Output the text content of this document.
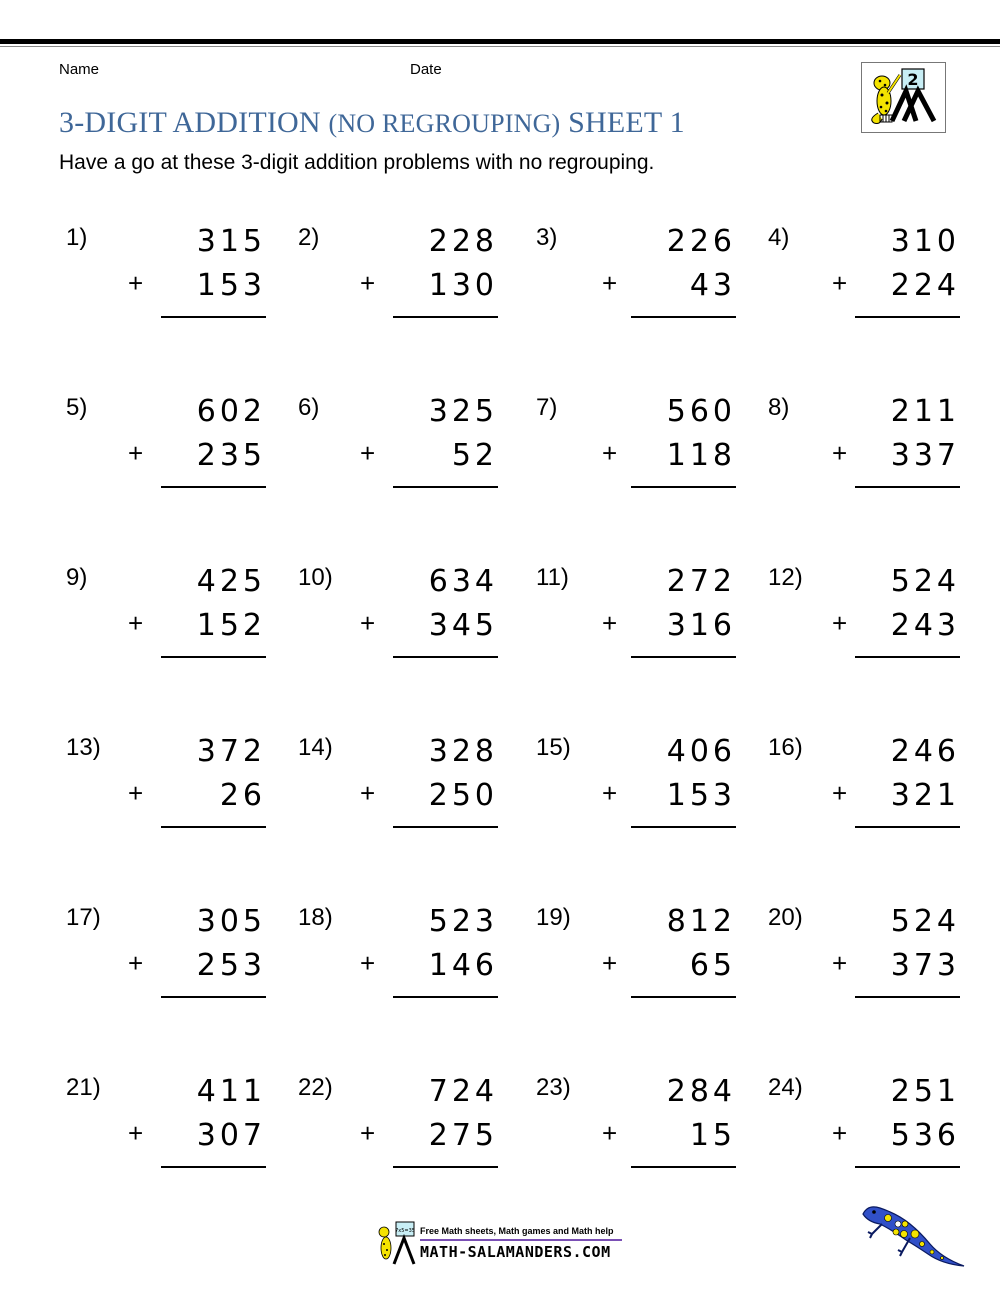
Name	Date
2
3-DIGIT ADDITION (NO REGROUPING) SHEET 1
Have a go at these 3-digit addition problems with no regrouping.
1)	315
+	153
2)	228
+	130
3)	226
+	43
4)	310
+	224
5)	602
+	235
6)	325
+	52
7)	560
+	118
8)	211
+	337
9)	425
+	152
10)	634
+	345
11)	272
+	316
12)	524
+	243
13)	372
+	26
14)	328
+	250
15)	406
+	153
16)	246
+	321
17)	305
+	253
18)	523
+	146
19)	812
+	65
20)	524
+	373
21)	411
+	307
22)	724
+	275
23)	284
+	15
24)	251
+	536
7x5=35 Free Math sheets, Math games and Math help
MATH-SALAMANDERS.COM
